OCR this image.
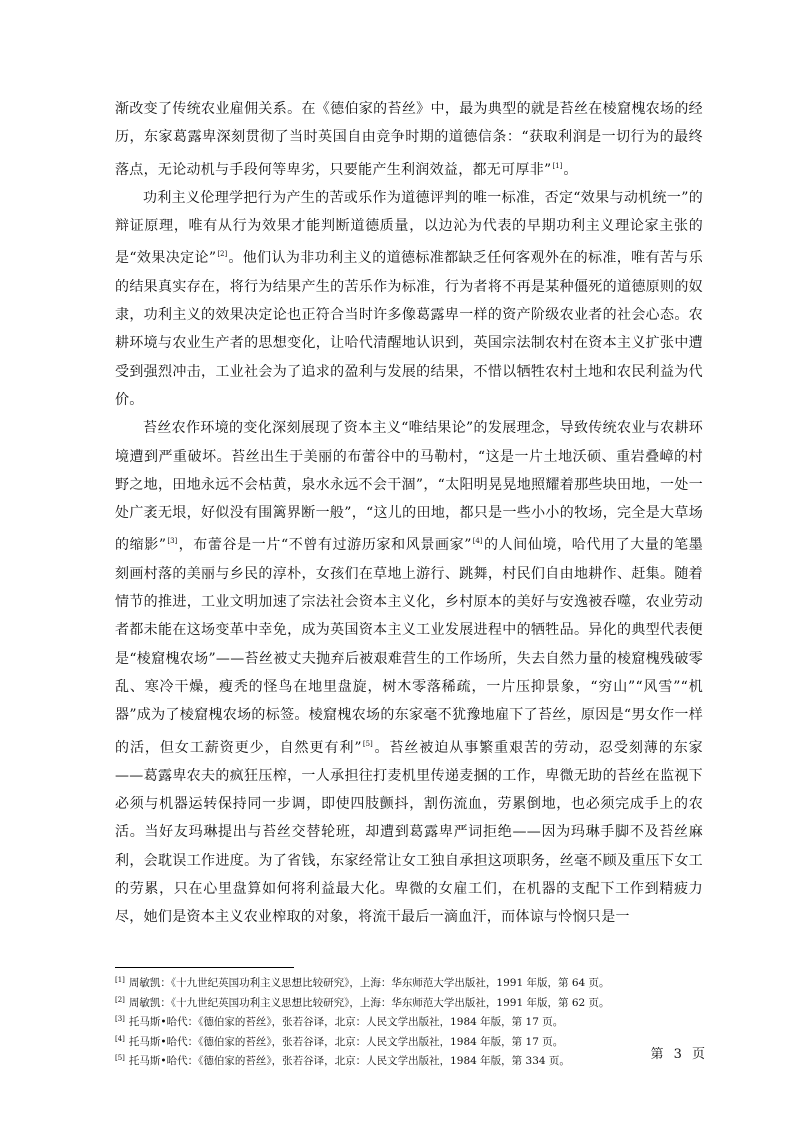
渐改变了传统农业雇佣关系。在《德伯家的苔丝》中，最为典型的就是苔丝在棱窟槐农场的经历，东家葛露卑深刻贯彻了当时英国自由竞争时期的道德信条：“获取利润是一切行为的最终落点，无论动机与手段何等卑劣，只要能产生利润效益，都无可厚非”[1]。

功利主义伦理学把行为产生的苦或乐作为道德评判的唯一标准，否定“效果与动机统一”的辩证原理，唯有从行为效果才能判断道德质量，以边沁为代表的早期功利主义理论家主张的是“效果决定论”[2]。他们认为非功利主义的道德标准都缺乏任何客观外在的标准，唯有苦与乐的结果真实存在，将行为结果产生的苦乐作为标准，行为者将不再是某种僵死的道德原则的奴隶，功利主义的效果决定论也正符合当时许多像葛露卑一样的资产阶级农业者的社会心态。农耕环境与农业生产者的思想变化，让哈代清醒地认识到，英国宗法制农村在资本主义扩张中遭受到强烈冲击，工业社会为了追求的盈利与发展的结果，不惜以牺牲农村土地和农民利益为代价。

苔丝农作环境的变化深刻展现了资本主义“唯结果论”的发展理念，导致传统农业与农耕环境遭到严重破坏。苔丝出生于美丽的布蕾谷中的马勒村，“这是一片土地沃硕、重岩叠嶂的村野之地，田地永远不会枯黄，泉水永远不会干涸”，“太阳明晃晃地照耀着那些块田地，一处一处广袤无垠，好似没有围篱界断一般”，“这儿的田地，都只是一些小小的牧场，完全是大草场的缩影”[3]，布蕾谷是一片“不曾有过游历家和风景画家”[4]的人间仙境，哈代用了大量的笔墨刻画村落的美丽与乡民的淳朴，女孩们在草地上游行、跳舞，村民们自由地耕作、赶集。随着情节的推进，工业文明加速了宗法社会资本主义化，乡村原本的美好与安逸被吞噬，农业劳动者都未能在这场变革中幸免，成为英国资本主义工业发展进程中的牺牲品。异化的典型代表便是“棱窟槐农场”——苔丝被丈夫抛弃后被艰难营生的工作场所，失去自然力量的棱窟槐残破零乱、寒冷干燥，瘦秃的怪鸟在地里盘旋，树木零落稀疏，一片压抑景象，“穷山”“风雪”“机器”成为了棱窟槐农场的标签。棱窟槐农场的东家毫不犹豫地雇下了苔丝，原因是“男女作一样的活，但女工薪资更少，自然更有利”[5]。苔丝被迫从事繁重艰苦的劳动，忍受刻薄的东家——葛露卑农夫的疯狂压榨，一人承担往打麦机里传递麦捆的工作，卑微无助的苔丝在监视下必须与机器运转保持同一步调，即使四肢颤抖，割伤流血，劳累倒地，也必须完成手上的农活。当好友玛琳提出与苔丝交替轮班，却遭到葛露卑严词拒绝——因为玛琳手脚不及苔丝麻利，会耽误工作进度。为了省钱，东家经常让女工独自承担这项职务，丝毫不顾及重压下女工的劳累，只在心里盘算如何将利益最大化。卑微的女雇工们，在机器的支配下工作到精疲力尽，她们是资本主义农业榨取的对象，将流干最后一滴血汗，而体谅与怜悯只是一

[1] 周敏凯：《十九世纪英国功利主义思想比较研究》，上海：华东师范大学出版社，1991 年版，第 64 页。
[2] 周敏凯：《十九世纪英国功利主义思想比较研究》，上海：华东师范大学出版社，1991 年版，第 62 页。
[3] 托马斯•哈代：《德伯家的苔丝》，张若谷译，北京：人民文学出版社，1984 年版，第 17 页。
[4] 托马斯•哈代：《德伯家的苔丝》，张若谷译，北京：人民文学出版社，1984 年版，第 17 页。
[5] 托马斯•哈代：《德伯家的苔丝》，张若谷译，北京：人民文学出版社，1984 年版，第 334 页。	第 3 页
